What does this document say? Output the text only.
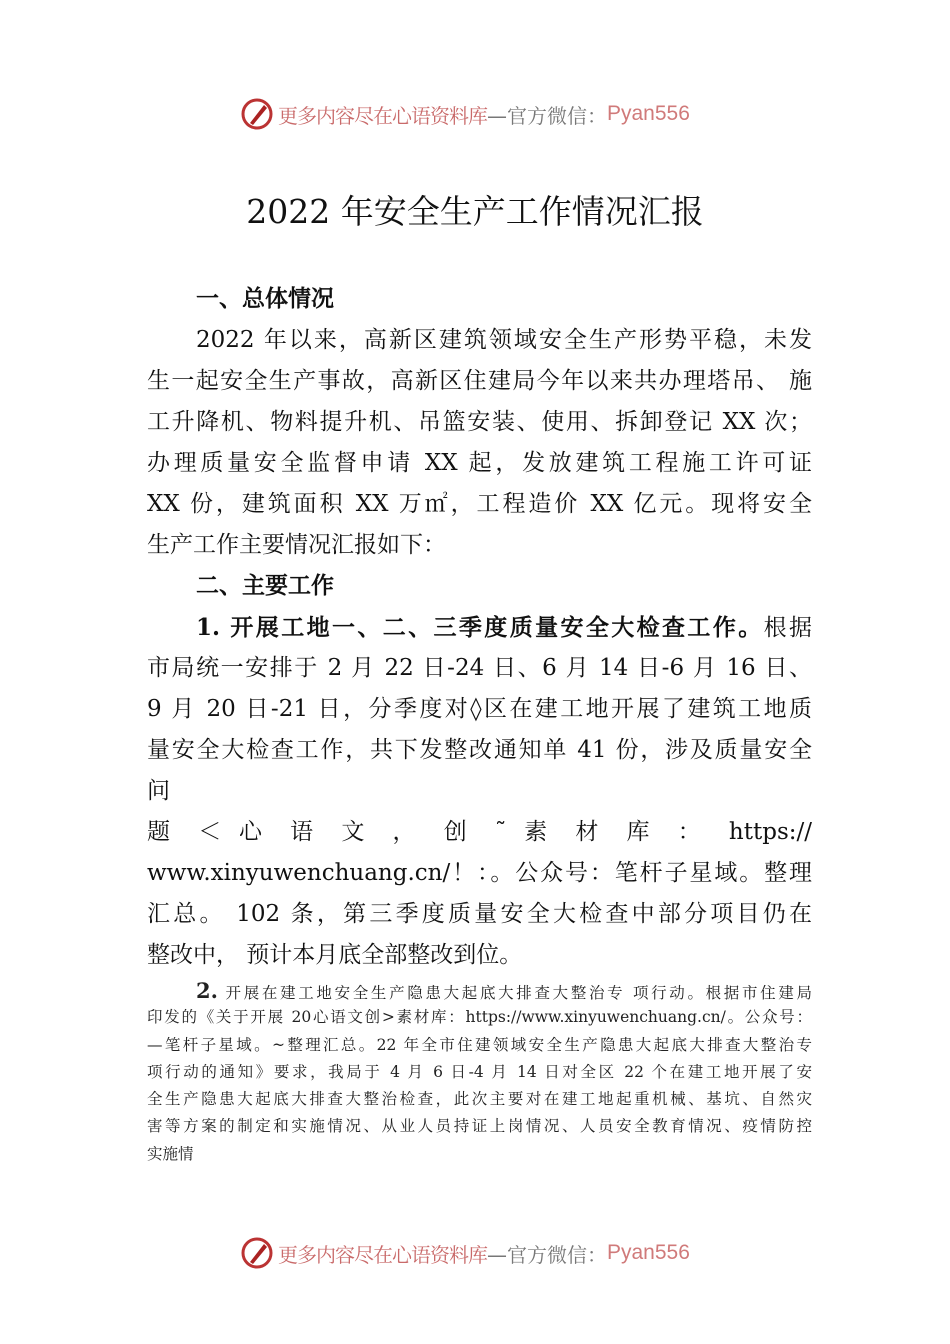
更多内容尽在心语资料库 —官方微信： Pyan556
2022 年安全生产工作情况汇报
一、总体情况
2022 年以来，高新区建筑领域安全生产形势平稳，未发
生一起安全生产事故，高新区住建局今年以来共办理塔吊、 施
工升降机、物料提升机、吊篮安装、使用、拆卸登记 XX 次；
办理质量安全监督申请 XX 起，发放建筑工程施工许可证
XX 份，建筑面积 XX 万㎡，工程造价 XX 亿元。现将安全
生产工作主要情况汇报如下：
二、主要工作
1. 开展工地一、二、三季度质量安全大检查工作。根据
市局统一安排于 2 月 22 日-24 日、6 月 14 日-6 月 16 日、
9 月 20 日-21 日，分季度对◊区在建工地开展了建筑工地质
量安全大检查工作，共下发整改通知单 41 份，涉及质量安全
问
题 ＜ 心 语 文 ， 创 ˜ 素 材 库 ： https://
www.xinyuwenchuang.cn/！：。公众号：笔杆子星域。整理
汇总。 102 条，第三季度质量安全大检查中部分项目仍在
整改中， 预计本月底全部整改到位。
2. 开展在建工地安全生产隐患大起底大排查大整治专 项行动。根据市住建局
印发的《关于开展 20心语文创>素材库：https://www.xinyuwenchuang.cn/。公众号：
—笔杆子星域。~整理汇总。22 年全市住建领域安全生产隐患大起底大排查大整治专
项行动的通知》要求，我局于 4 月 6 日-4 月 14 日对全区 22 个在建工地开展了安
全生产隐患大起底大排查大整治检查，此次主要对在建工地起重机械、基坑、自然灾
害等方案的制定和实施情况、从业人员持证上岗情况、人员安全教育情况、疫情防控
实施情
更多内容尽在心语资料库 —官方微信： Pyan556
